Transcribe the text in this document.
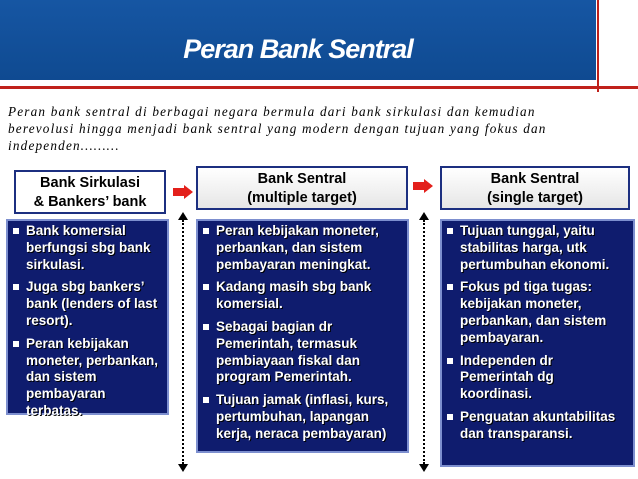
Peran Bank Sentral
Peran bank sentral di berbagai negara bermula dari bank sirkulasi dan kemudian berevolusi hingga menjadi bank sentral yang modern dengan tujuan yang fokus dan independen………
Bank Sirkulasi
& Bankers’ bank
Bank Sentral
(multiple target)
Bank Sentral
(single target)
Bank komersial berfungsi sbg bank sirkulasi.
Juga sbg bankers’ bank (lenders of last resort).
Peran kebijakan moneter, perbankan, dan sistem pembayaran terbatas.
Peran kebijakan moneter, perbankan, dan sistem pembayaran meningkat.
Kadang masih sbg bank komersial.
Sebagai bagian dr Pemerintah, termasuk pembiayaan fiskal dan program Pemerintah.
Tujuan jamak (inflasi, kurs, pertumbuhan, lapangan kerja, neraca pembayaran)
Tujuan tunggal, yaitu stabilitas harga, utk pertumbuhan ekonomi.
Fokus pd tiga tugas: kebijakan moneter, perbankan, dan sistem pembayaran.
Independen dr Pemerintah dg koordinasi.
Penguatan akuntabilitas dan transparansi.
